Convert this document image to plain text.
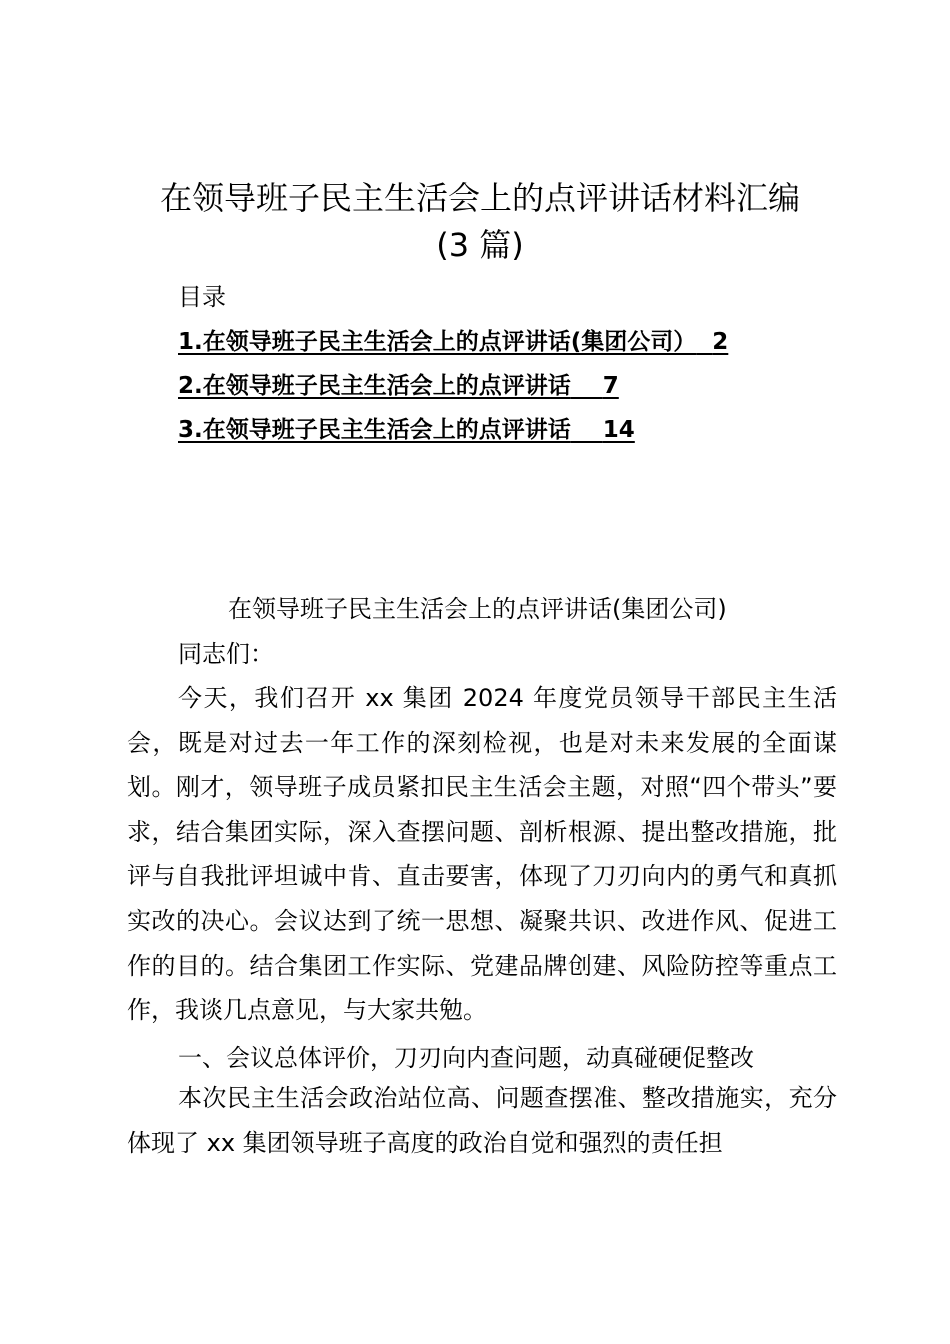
在领导班子民主生活会上的点评讲话材料汇编
(3 篇)
目录
1.在领导班子民主生活会上的点评讲话(集团公司） 2
2.在领导班子民主生活会上的点评讲话 7
3.在领导班子民主生活会上的点评讲话 14
在领导班子民主生活会上的点评讲话(集团公司)
同志们：

今天，我们召开 xx 集团 2024 年度党员领导干部民主生活会，既是对过去一年工作的深刻检视，也是对未来发展的全面谋划。刚才，领导班子成员紧扣民主生活会主题，对照“四个带头”要求，结合集团实际，深入查摆问题、剖析根源、提出整改措施，批评与自我批评坦诚中肯、直击要害，体现了刀刃向内的勇气和真抓实改的决心。会议达到了统一思想、凝聚共识、改进作风、促进工作的目的。结合集团工作实际、党建品牌创建、风险防控等重点工作，我谈几点意见，与大家共勉。

一、会议总体评价，刀刃向内查问题，动真碰硬促整改

本次民主生活会政治站位高、问题查摆准、整改措施实，充分体现了 xx 集团领导班子高度的政治自觉和强烈的责任担
